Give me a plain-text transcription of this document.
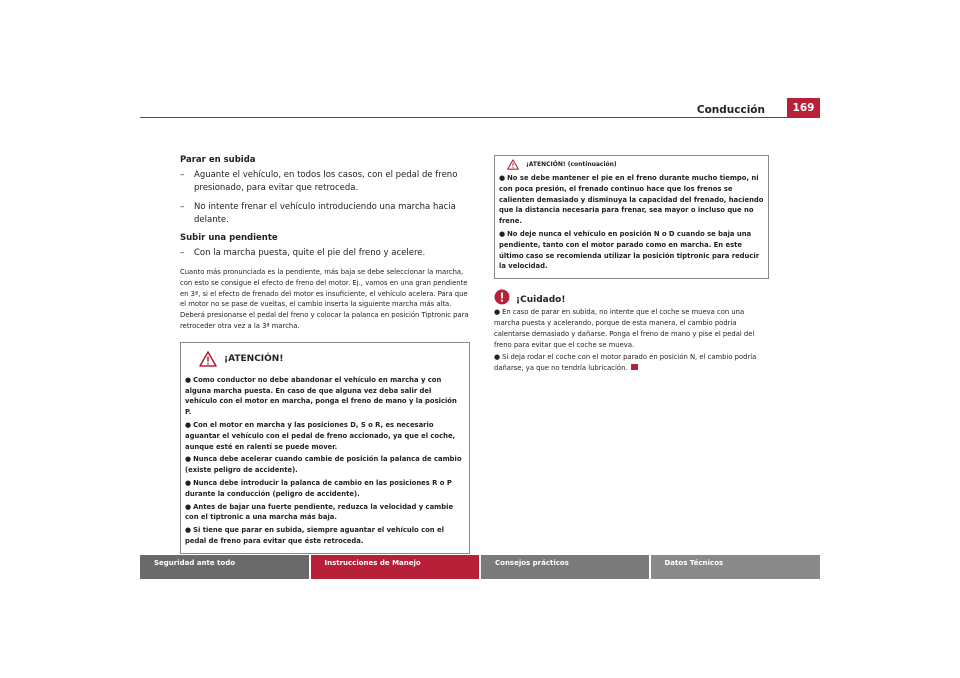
Conducción	169
Parar en subida

– Aguante el vehículo, en todos los casos, con el pedal de freno presionado, para evitar que retroceda.

– No intente frenar el vehículo introduciendo una marcha hacia delante.

Subir una pendiente

– Con la marcha puesta, quite el pie del freno y acelere.

Cuanto más pronunciada es la pendiente, más baja se debe seleccionar la marcha, con esto se consigue el efecto de freno del motor. Ej., vamos en una gran pendiente en 3ª, si el efecto de frenado del motor es insuficiente, el vehículo acelera. Para que el motor no se pase de vueltas, el cambio inserta la siguiente marcha más alta. Deberá presionarse el pedal del freno y colocar la palanca en posición Tiptronic para retroceder otra vez a la 3ª marcha.

¡ATENCIÓN!

● Como conductor no debe abandonar el vehículo en marcha y con alguna marcha puesta. En caso de que alguna vez deba salir del vehículo con el motor en marcha, ponga el freno de mano y la posición P.

● Con el motor en marcha y las posiciones D, S o R, es necesario aguantar el vehículo con el pedal de freno accionado, ya que el coche, aunque esté en ralentí se puede mover.

● Nunca debe acelerar cuando cambie de posición la palanca de cambio (existe peligro de accidente).

● Nunca debe introducir la palanca de cambio en las posiciones R o P durante la conducción (peligro de accidente).

● Antes de bajar una fuerte pendiente, reduzca la velocidad y cambie con el tiptronic a una marcha más baja.

● Si tiene que parar en subida, siempre aguantar el vehículo con el pedal de freno para evitar que éste retroceda.

¡ATENCIÓN! (continuación)

● No se debe mantener el pie en el freno durante mucho tiempo, ni con poca presión, el frenado continuo hace que los frenos se calienten demasiado y disminuya la capacidad del frenado, haciendo que la distancia necesaria para frenar, sea mayor o incluso que no frene.

● No deje nunca el vehículo en posición N o D cuando se baja una pendiente, tanto con el motor parado como en marcha. En este último caso se recomienda utilizar la posición tiptronic para reducir la velocidad.

¡Cuidado!

● En caso de parar en subida, no intente que el coche se mueva con una marcha puesta y acelerando, porque de esta manera, el cambio podría calentarse demasiado y dañarse. Ponga el freno de mano y pise el pedal del freno para evitar que el coche se mueva.

● Si deja rodar el coche con el motor parado en posición N, el cambio podría dañarse, ya que no tendría lubricación.

Seguridad ante todo	Instrucciones de Manejo	Consejos prácticos	Datos Técnicos
